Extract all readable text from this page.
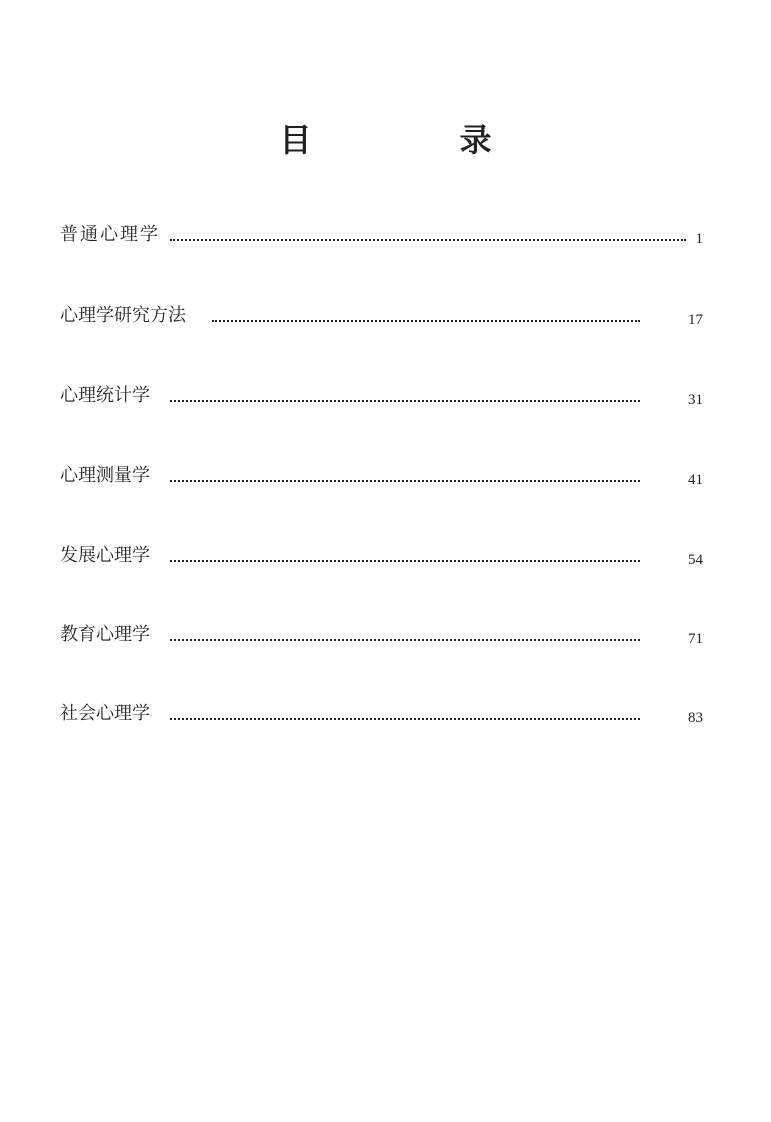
目　录
普通心理学	1
心理学研究方法	17
心理统计学	31
心理测量学	41
发展心理学	54
教育心理学	71
社会心理学	83
